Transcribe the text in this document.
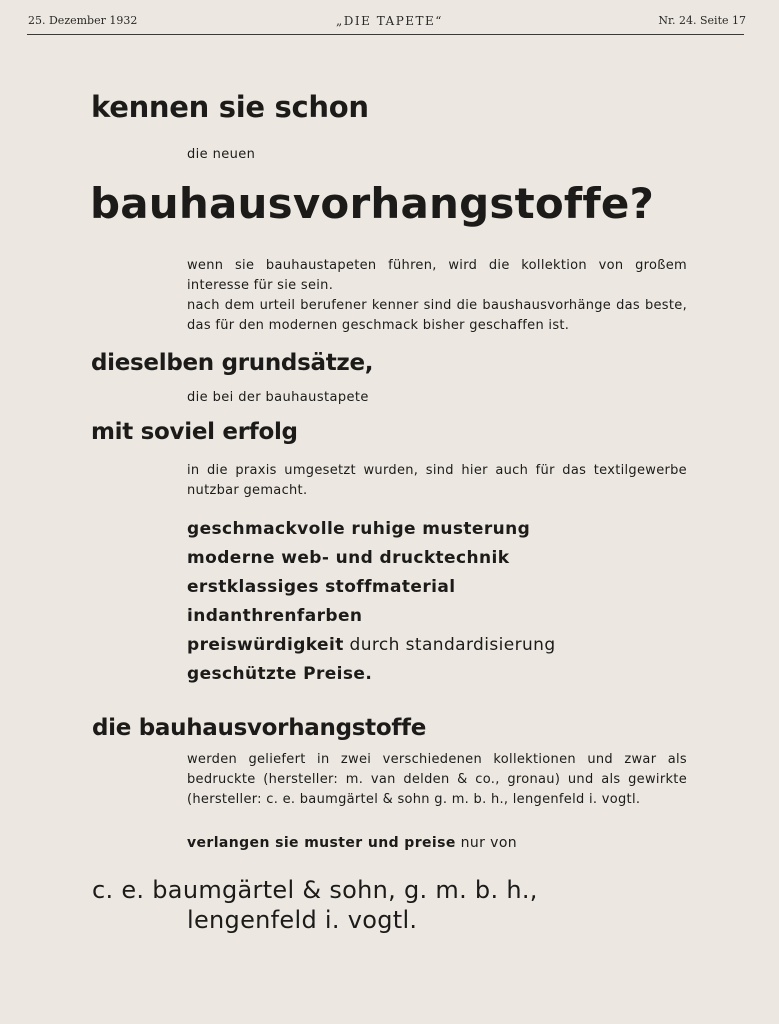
25. Dezember 1932	„DIE TAPETE“	Nr. 24. Seite 17
kennen sie schon
die neuen
bauhausvorhangstoffe?

wenn sie bauhaustapeten führen, wird die kollektion von großem interesse für sie sein.

nach dem urteil berufener kenner sind die baushausvorhänge das beste, das für den modernen geschmack bisher geschaffen ist.

dieselben grundsätze,
die bei der bauhaustapete
mit soviel erfolg
in die praxis umgesetzt wurden, sind hier auch für das textilgewerbe nutzbar gemacht.
geschmackvolle ruhige musterung
moderne web- und drucktechnik
erstklassiges stoffmaterial
indanthrenfarben
preiswürdigkeit durch standardisierung
geschützte Preise.
die bauhausvorhangstoffe
werden geliefert in zwei verschiedenen kollektionen und zwar als bedruckte (hersteller: m. van delden & co., gronau) und als gewirkte (hersteller: c. e. baumgärtel & sohn g. m. b. h., lengenfeld i. vogtl.
verlangen sie muster und preise nur von
c. e. baumgärtel & sohn, g. m. b. h.,
lengenfeld i. vogtl.
